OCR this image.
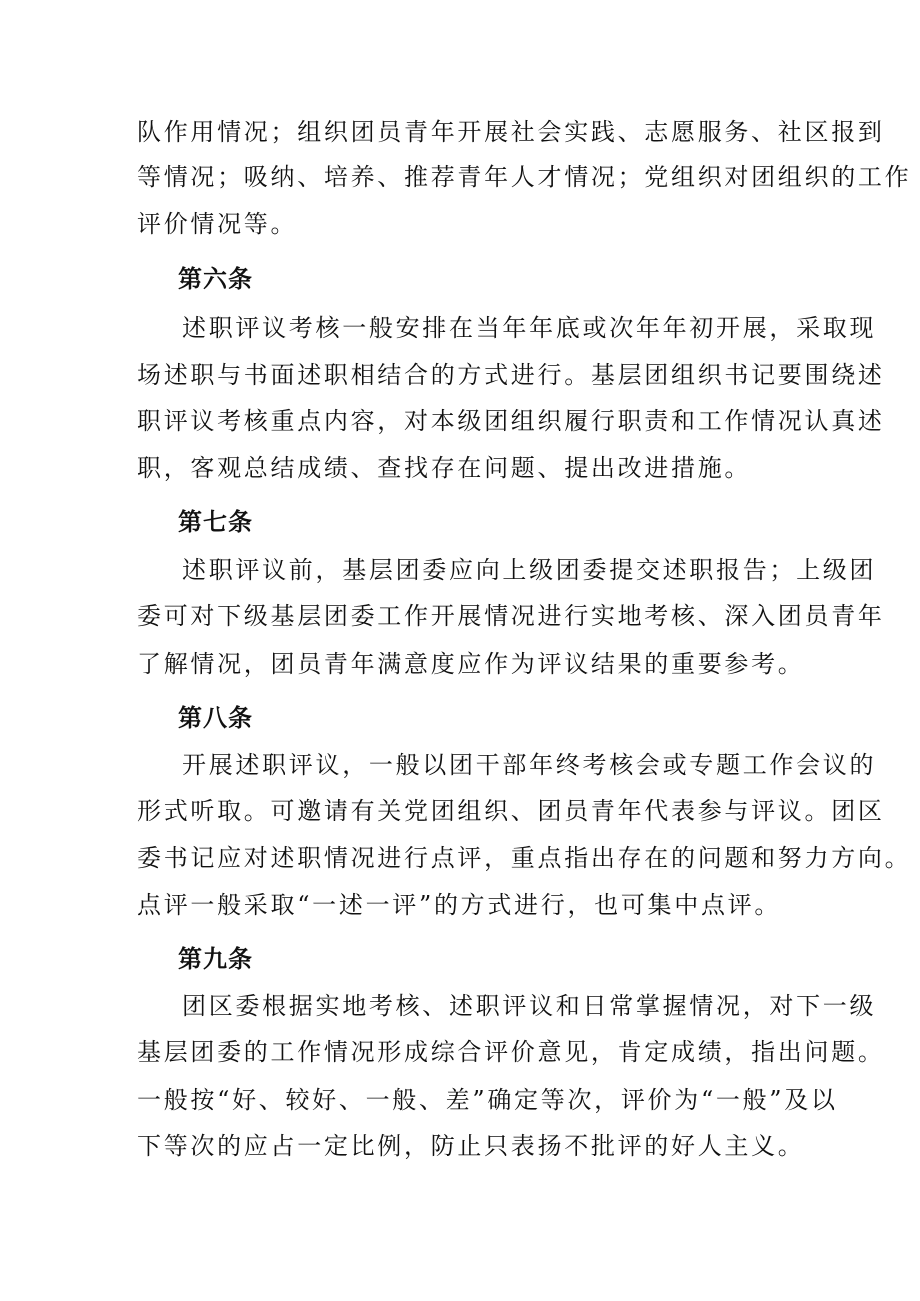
队作用情况；组织团员青年开展社会实践、志愿服务、社区报到
等情况；吸纳、培养、推荐青年人才情况；党组织对团组织的工作
评价情况等。
第六条
述职评议考核一般安排在当年年底或次年年初开展，采取现
场述职与书面述职相结合的方式进行。基层团组织书记要围绕述
职评议考核重点内容，对本级团组织履行职责和工作情况认真述
职，客观总结成绩、查找存在问题、提出改进措施。
第七条
述职评议前，基层团委应向上级团委提交述职报告；上级团
委可对下级基层团委工作开展情况进行实地考核、深入团员青年
了解情况，团员青年满意度应作为评议结果的重要参考。
第八条
开展述职评议，一般以团干部年终考核会或专题工作会议的
形式听取。可邀请有关党团组织、团员青年代表参与评议。团区
委书记应对述职情况进行点评，重点指出存在的问题和努力方向。
点评一般采取“一述一评”的方式进行，也可集中点评。
第九条
团区委根据实地考核、述职评议和日常掌握情况，对下一级
基层团委的工作情况形成综合评价意见，肯定成绩，指出问题。
一般按“好、较好、一般、差”确定等次，评价为“一般”及以
下等次的应占一定比例，防止只表扬不批评的好人主义。
